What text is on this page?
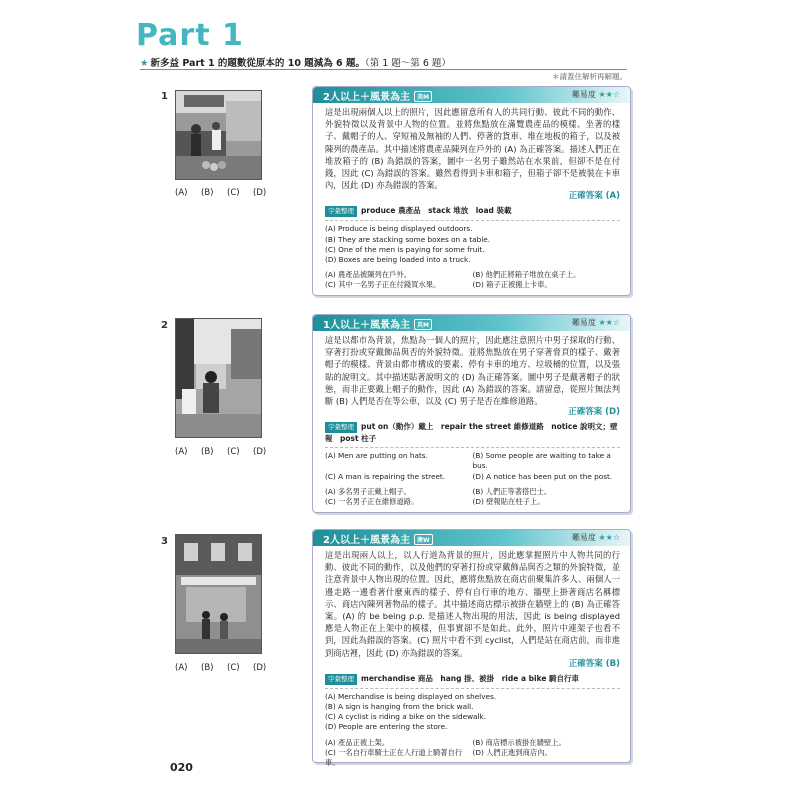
Part 1
★ 新多益 Part 1 的題數從原本的 10 題減為 6 題。（第 1 題～第 6 題）
＊請蓋住解析再解題。
1
(A)	(B)	(C)	(D)
2人以上＋風景為主 美M	難易度 ★★☆
這是出現兩個人以上的照片，因此應留意所有人的共同行動、彼此不同的動作、外貌特徵以及背景中人物的位置。並將焦點放在滿覽農產品的模樣、坐著的樣子、戴帽子的人、穿短袖及無袖的人們、停著的貨車、堆在地板的箱子，以及被陳列的農產品。其中描述將農產品陳列在戶外的 (A) 為正確答案。描述人們正在堆放箱子的 (B) 為錯誤的答案，圖中一名男子雖然站在水果前，但卻不是在付錢，因此 (C) 為錯誤的答案。雖然看得到卡車和箱子，但箱子卻不是被裝在卡車內，因此 (D) 亦為錯誤的答案。
正確答案 (A)
字彙整理 produce 農產品　stack 堆放　load 裝載
(A) Produce is being displayed outdoors.
(B) They are stacking some boxes on a table.
(C) One of the men is paying for some fruit.
(D) Boxes are being loaded into a truck.
(A) 農產品被陳列在戶外。	(B) 他們正將箱子堆放在桌子上。
(C) 其中一名男子正在付錢買水果。	(D) 箱子正被搬上卡車。
2
(A)	(B)	(C)	(D)
1人以上＋風景為主 英M	難易度 ★★☆
這是以都市為背景，焦點為一個人的照片，因此應注意照片中男子採取的行動、穿著打扮或穿戴飾品與否的外貌特徵。並將焦點放在男子穿著脅頁的樣子、戴著帽子的模樣、背景由都市構成的要素、停有卡車的地方、垃圾桶的位置，以及張貼的說明文。其中描述貼著說明文的 (D) 為正確答案。圖中男子是戴著帽子的狀態，而非正要戴上帽子的動作，因此 (A) 為錯誤的答案。請留意，從照片無法判斷 (B) 人們是否在等公車，以及 (C) 男子是否在維修道路。
正確答案 (D)
字彙整理 put on（動作）戴上　repair the street 維修道路　notice 說明文；壁報　post 柱子
(A) Men are putting on hats.	(B) Some people are waiting to take a bus.
(C) A man is repairing the street.	(D) A notice has been put on the post.
(A) 多名男子正戴上帽子。	(B) 人們正等著搭巴士。
(C) 一名男子正在維修道路。	(D) 壁報貼在柱子上。
3
(A)	(B)	(C)	(D)
2人以上＋風景為主 澳W	難易度 ★★☆
這是出現兩人以上，以人行道為背景的照片，因此應掌握照片中人物共同的行動、彼此不同的動作，以及他們的穿著打扮或穿戴飾品與否之類的外貌特徵，並注意背景中人物出現的位置。因此，應將焦點放在商店前聚集許多人、兩個人一邊走路一邊看著什麼東西的樣子、停有自行車的地方、牆壁上掛著商店名稱標示、商店內陳列著物品的樣子。其中描述商店標示被掛在牆壁上的 (B) 為正確答案。(A) 的 be being p.p. 是描述人物出現的用法，因此 is being displayed 應是人物正在上架中的模樣，但事實卻不是如此。此外，照片中連架子也看不到，因此為錯誤的答案。(C) 照片中看不到 cyclist，人們是站在商店前，而非進到商店裡，因此 (D) 亦為錯誤的答案。
正確答案 (B)
字彙整理 merchandise 商品　hang 掛、被掛　ride a bike 騎自行車
(A) Merchandise is being displayed on shelves.
(B) A sign is hanging from the brick wall.
(C) A cyclist is riding a bike on the sidewalk.
(D) People are entering the store.
(A) 產品正被上架。	(B) 商店標示被掛在牆壁上。
(C) 一名自行車騎士正在人行道上騎著自行車。
(D) 人們正進到商店內。
020
